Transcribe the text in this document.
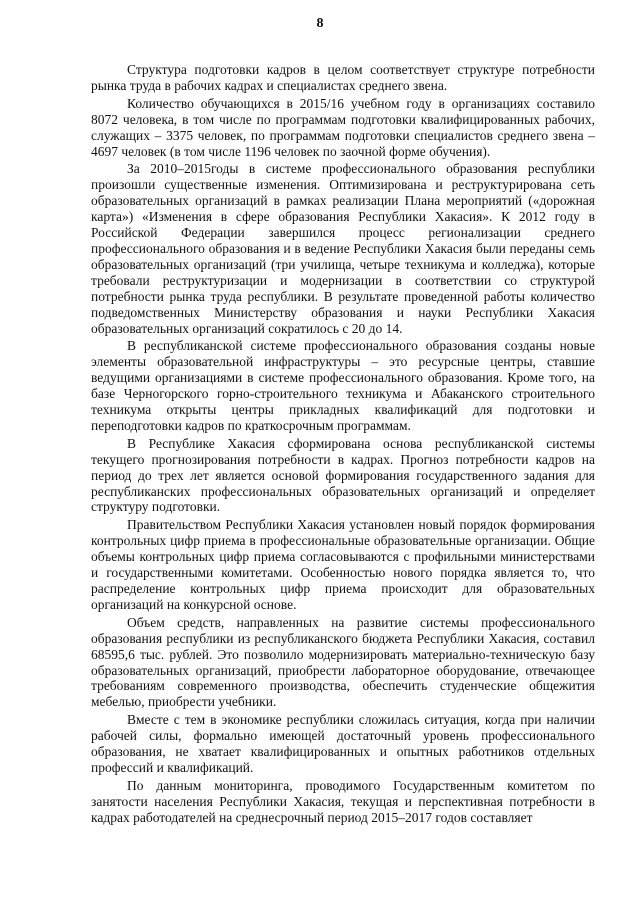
8

Структура подготовки кадров в целом соответствует структуре потребности рынка труда в рабочих кадрах и специалистах среднего звена.

Количество обучающихся в 2015/16 учебном году в организациях составило 8072 человека, в том числе по программам подготовки квалифицированных рабочих, служащих – 3375 человек, по программам подготовки специалистов среднего звена – 4697 человек (в том числе 1196 человек по заочной форме обучения).

За 2010–2015годы в системе профессионального образования республики произошли существенные изменения. Оптимизирована и реструктурирована сеть образовательных организаций в рамках реализации Плана мероприятий («дорожная карта») «Изменения в сфере образования Республики Хакасия». К 2012 году в Российской Федерации завершился процесс регионализации среднего профессионального образования и в ведение Республики Хакасия были переданы семь образовательных организаций (три училища, четыре техникума и колледжа), которые требовали реструктуризации и модернизации в соответствии со структурой потребности рынка труда республики. В результате проведенной работы количество подведомственных Министерству образования и науки Республики Хакасия образовательных организаций сократилось с 20 до 14.

В республиканской системе профессионального образования созданы новые элементы образовательной инфраструктуры – это ресурсные центры, ставшие ведущими организациями в системе профессионального образования. Кроме того, на базе Черногорского горно-строительного техникума и Абаканского строительного техникума открыты центры прикладных квалификаций для подготовки и переподготовки кадров по краткосрочным программам.

В Республике Хакасия сформирована основа республиканской системы текущего прогнозирования потребности в кадрах. Прогноз потребности кадров на период до трех лет является основой формирования государственного задания для республиканских профессиональных образовательных организаций и определяет структуру подготовки.

Правительством Республики Хакасия установлен новый порядок формирования контрольных цифр приема в профессиональные образовательные организации. Общие объемы контрольных цифр приема согласовываются с профильными министерствами и государственными комитетами. Особенностью нового порядка является то, что распределение контрольных цифр приема происходит для образовательных организаций на конкурсной основе.

Объем средств, направленных на развитие системы профессионального образования республики из республиканского бюджета Республики Хакасия, составил 68595,6 тыс. рублей. Это позволило модернизировать материально-техническую базу образовательных организаций, приобрести лабораторное оборудование, отвечающее требованиям современного производства, обеспечить студенческие общежития мебелью, приобрести учебники.

Вместе с тем в экономике республики сложилась ситуация, когда при наличии рабочей силы, формально имеющей достаточный уровень профессионального образования, не хватает квалифицированных и опытных работников отдельных профессий и квалификаций.

По данным мониторинга, проводимого Государственным комитетом по занятости населения Республики Хакасия, текущая и перспективная потребности в кадрах работодателей на среднесрочный период 2015–2017 годов составляет
